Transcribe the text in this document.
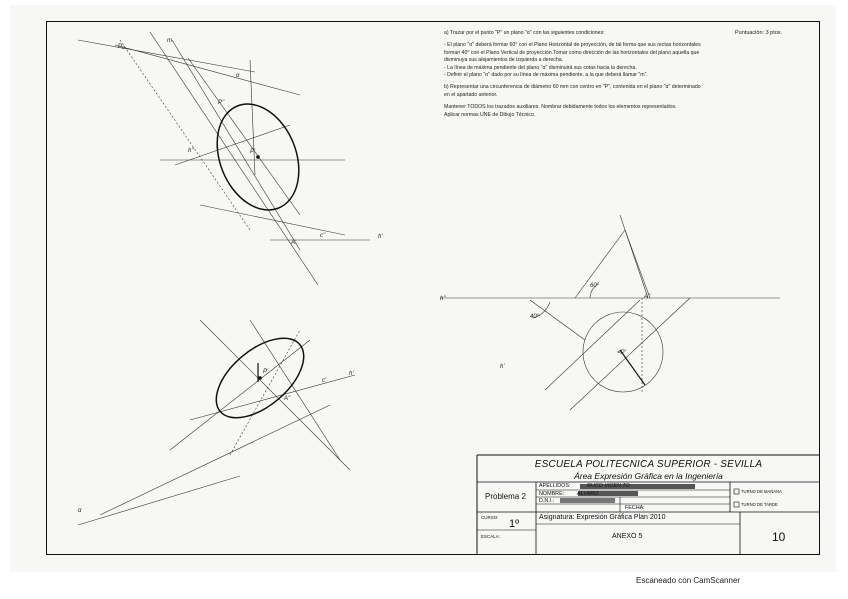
Puntuación: 3 ptos.

a) Trazar por el punto "P" un plano "α" con las siguientes condiciones:

- El plano "α" deberá formar 60° con el Plano Horizontal de proyección, de tal forma que sus rectas horizontales

forman 40° con el Plano Vertical de proyección.Tomar como dirección de las horizontales del plano aquella que

disminuya sus alejamientos de izquierda a derecha.

- La línea de máxima pendiente del plano "α" disminuirá sus cotas hacia la derecha.

- Definir el plano "α" dado por su línea de máxima pendiente, a la que deberá llamar "m".

b) Representar una circunferencia de diámetro 60 mm con centro en "P", contenida en el plano "α" determinado

en el apartado anterior.

Mantener TODOS los trazados auxiliares. Nombrar debidamente todos los elementos representados.

Aplicar normas UNE de Dibujo Técnico.

P₀
m
P''
P'
h''
α
A'
c''	h'
P'
c'
h'
A''
α
60°
40°
h''
h'
=P'
A''
ESCUELA POLITECNICA SUPERIOR - SEVILLA
Área Expresión Gráfica en la Ingeniería
Problema 2
APELLIDOS:	RUCO VICEN TO
NOMBRE: ALVARO
D.N.I.:
FECHA:
TURNO DE MAÑANA
TURNO DE TARDE
CURSO:
1º
Asignatura: Expresión Gráfica Plan 2010
ESCALA:	ANEXO 5	10
Escaneado con CamScanner
